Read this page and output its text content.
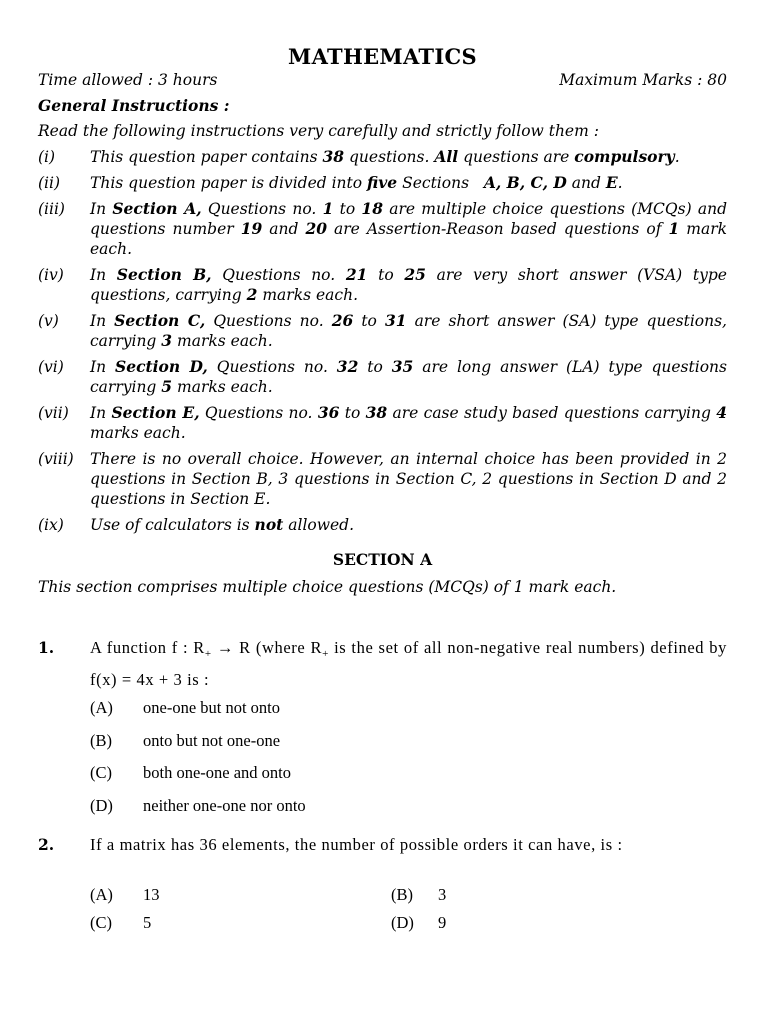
MATHEMATICS
Time allowed : 3 hours	Maximum Marks : 80
General Instructions :
Read the following instructions very carefully and strictly follow them :
(i)	This question paper contains 38 questions. All questions are compulsory.
(ii)	This question paper is divided into five Sections   A, B, C, D and E.
(iii)	In Section A, Questions no. 1 to 18 are multiple choice questions (MCQs) and questions number 19 and 20 are Assertion-Reason based questions of 1 mark each.
(iv)	In Section B, Questions no. 21 to 25 are very short answer (VSA) type questions, carrying 2 marks each.
(v)	In Section C, Questions no. 26 to 31 are short answer (SA) type questions, carrying 3 marks each.
(vi)	In Section D, Questions no. 32 to 35 are long answer (LA) type questions carrying 5 marks each.
(vii)	In Section E, Questions no. 36 to 38 are case study based questions carrying 4 marks each.
(viii)	There is no overall choice. However, an internal choice has been provided in 2 questions in Section B, 3 questions in Section C, 2 questions in Section D and 2 questions in Section E.
(ix)	Use of calculators is not allowed.
SECTION A
This section comprises multiple choice questions (MCQs) of 1 mark each.
1.	A function f : $R_+ \to R$ (where $R_+$ is the set of all non-negative real numbers) defined by f(x) = 4x + 3 is :
(A)	one-one but not onto
(B)	onto but not one-one
(C)	both one-one and onto
(D)	neither one-one nor onto
2.	If a matrix has 36 elements, the number of possible orders it can have, is :
(A)	13	(B)	3
(C)	5	(D)	9
